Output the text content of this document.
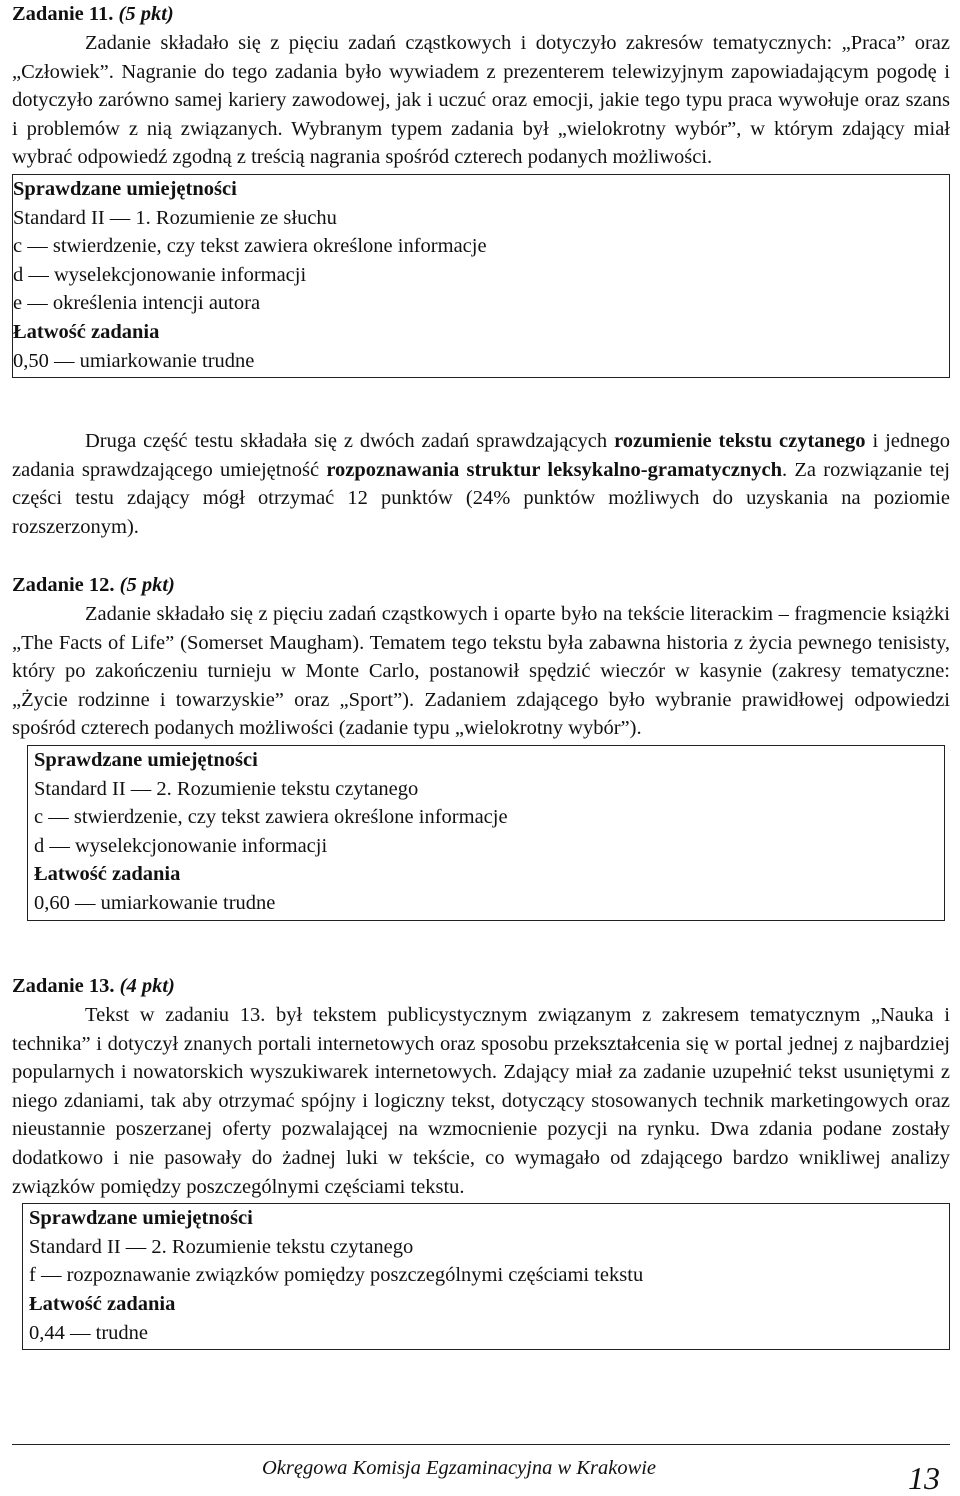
Zadanie 11. (5 pkt)

Zadanie składało się z pięciu zadań cząstkowych i dotyczyło zakresów tematycznych: „Praca” oraz „Człowiek”. Nagranie do tego zadania było wywiadem z prezenterem telewizyjnym zapowiadającym pogodę i dotyczyło zarówno samej kariery zawodowej, jak i uczuć oraz emocji, jakie tego typu praca wywołuje oraz szans i problemów z nią związanych. Wybranym typem zadania był „wielokrotny wybór”, w którym zdający miał wybrać odpowiedź zgodną z treścią nagrania spośród czterech podanych możliwości.

Sprawdzane umiejętności
Standard II — 1. Rozumienie ze słuchu
c — stwierdzenie, czy tekst zawiera określone informacje
d — wyselekcjonowanie informacji
e — określenia intencji autora
Łatwość zadania
0,50 — umiarkowanie trudne

Druga część testu składała się z dwóch zadań sprawdzających rozumienie tekstu czytanego i jednego zadania sprawdzającego umiejętność rozpoznawania struktur leksykalno-gramatycznych. Za rozwiązanie tej części testu zdający mógł otrzymać 12 punktów (24% punktów możliwych do uzyskania na poziomie rozszerzonym).

Zadanie 12. (5 pkt)

Zadanie składało się z pięciu zadań cząstkowych i oparte było na tekście literackim – fragmencie książki „The Facts of Life” (Somerset Maugham). Tematem tego tekstu była zabawna historia z życia pewnego tenisisty, który po zakończeniu turnieju w Monte Carlo, postanowił spędzić wieczór w kasynie (zakresy tematyczne: „Życie rodzinne i towarzyskie” oraz „Sport”). Zadaniem zdającego było wybranie prawidłowej odpowiedzi spośród czterech podanych możliwości (zadanie typu „wielokrotny wybór”).

Sprawdzane umiejętności
Standard II — 2. Rozumienie tekstu czytanego
c — stwierdzenie, czy tekst zawiera określone informacje
d — wyselekcjonowanie informacji
Łatwość zadania
0,60 — umiarkowanie trudne

Zadanie 13. (4 pkt)

Tekst w zadaniu 13. był tekstem publicystycznym związanym z zakresem tematycznym „Nauka i technika” i dotyczył znanych portali internetowych oraz sposobu przekształcenia się w portal jednej z najbardziej popularnych i nowatorskich wyszukiwarek internetowych. Zdający miał za zadanie uzupełnić tekst usuniętymi z niego zdaniami, tak aby otrzymać spójny i logiczny tekst, dotyczący stosowanych technik marketingowych oraz nieustannie poszerzanej oferty pozwalającej na wzmocnienie pozycji na rynku. Dwa zdania podane zostały dodatkowo i nie pasowały do żadnej luki w tekście, co wymagało od zdającego bardzo wnikliwej analizy związków pomiędzy poszczególnymi częściami tekstu.

Sprawdzane umiejętności
Standard II — 2. Rozumienie tekstu czytanego
f — rozpoznawanie związków pomiędzy poszczególnymi częściami tekstu
Łatwość zadania
0,44 — trudne
Okręgowa Komisja Egzaminacyjna w Krakowie	13
